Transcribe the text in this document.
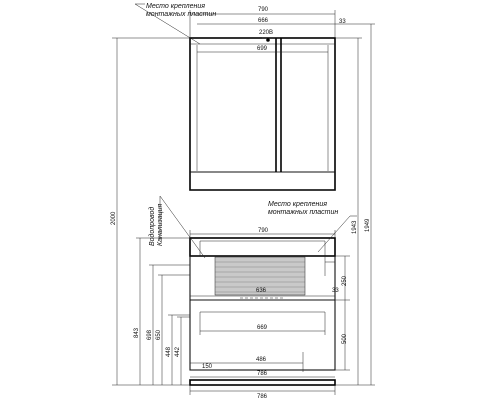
790
666	33
220В
699
Место крепления
монтажных пластин
636
790
669
150
486
786
786
250
33
500
Водопровод Канализация	Место крепления
монтажных пластин
2000
843 698 650
448 442
1943 1949
